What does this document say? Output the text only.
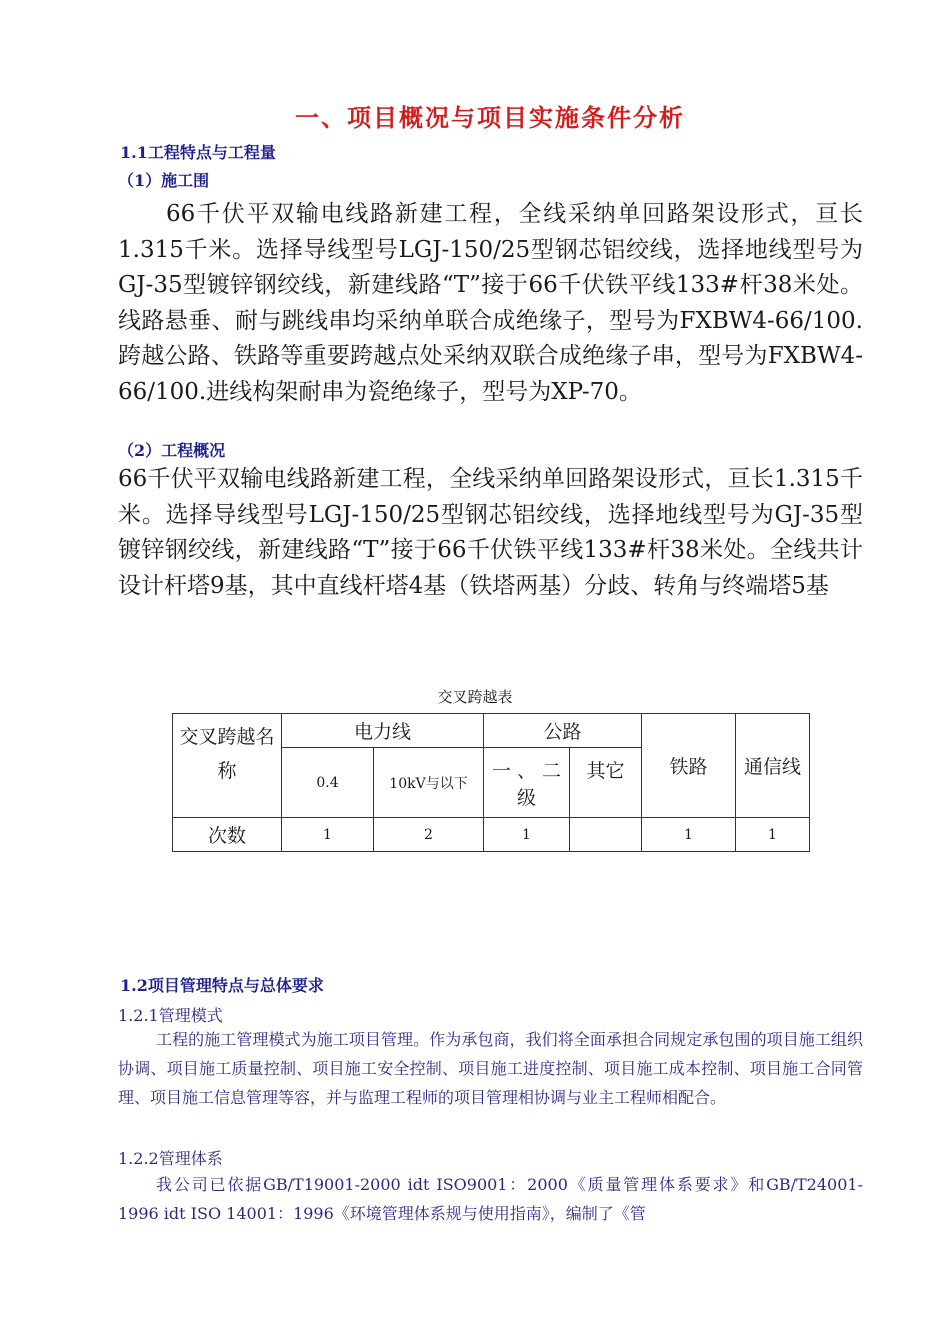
一、项目概况与项目实施条件分析
1.1工程特点与工程量
（1）施工围
66千伏平双输电线路新建工程，全线采纳单回路架设形式，亘长1.315千米。选择导线型号LGJ-150/25型钢芯铝绞线，选择地线型号为GJ-35型镀锌钢绞线，新建线路“T”接于66千伏铁平线133#杆38米处。线路悬垂、耐与跳线串均采纳单联合成绝缘子，型号为FXBW4-66/100.跨越公路、铁路等重要跨越点处采纳双联合成绝缘子串，型号为FXBW4-66/100.进线构架耐串为瓷绝缘子，型号为XP-70。
（2）工程概况
66千伏平双输电线路新建工程，全线采纳单回路架设形式，亘长1.315千米。选择导线型号LGJ-150/25型钢芯铝绞线，选择地线型号为GJ-35型镀锌钢绞线，新建线路“T”接于66千伏铁平线133#杆38米处。全线共计设计杆塔9基，其中直线杆塔4基（铁塔两基）分歧、转角与终端塔5基
交叉跨越表
交叉跨越名称	电力线		公路		铁路	通信线
	0.4	10kV与以下	一 、 二级	其它		
次数	1	2	1		1	1
1.2项目管理特点与总体要求
1.2.1管理模式
工程的施工管理模式为施工项目管理。作为承包商，我们将全面承担合同规定承包围的项目施工组织协调、项目施工质量控制、项目施工安全控制、项目施工进度控制、项目施工成本控制、项目施工合同管理、项目施工信息管理等容，并与监理工程师的项目管理相协调与业主工程师相配合。
1.2.2管理体系
我公司已依据GB/T19001-2000 idt ISO9001：2000《质量管理体系要求》和GB/T24001-1996 idt ISO 14001：1996《环境管理体系规与使用指南》，编制了《管
